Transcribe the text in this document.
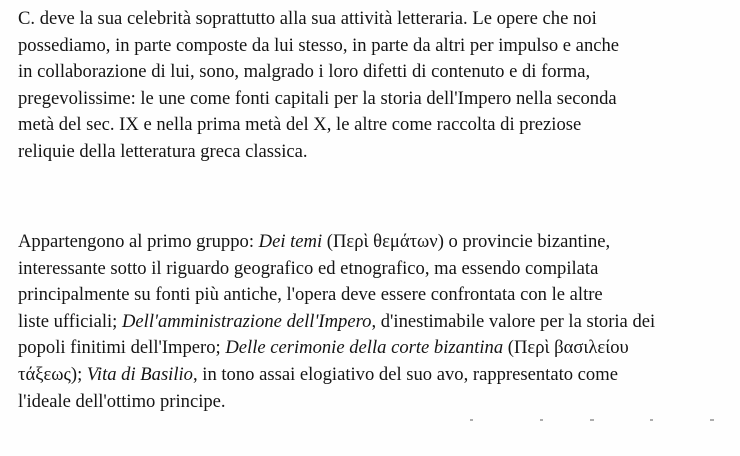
C. deve la sua celebrità soprattutto alla sua attività letteraria. Le opere che noi
possediamo, in parte composte da lui stesso, in parte da altri per impulso e anche
in collaborazione di lui, sono, malgrado i loro difetti di contenuto e di forma,
pregevolissime: le une come fonti capitali per la storia dell'Impero nella seconda
metà del sec. IX e nella prima metà del X, le altre come raccolta di preziose
reliquie della letteratura greca classica.

Appartengono al primo gruppo: Dei temi (Περὶ θεμάτων) o provincie bizantine,
interessante sotto il riguardo geografico ed etnografico, ma essendo compilata
principalmente su fonti più antiche, l'opera deve essere confrontata con le altre
liste ufficiali; Dell'amministrazione dell'Impero, d'inestimabile valore per la storia dei
popoli finitimi dell'Impero; Delle cerimonie della corte bizantina (Περὶ βασιλείου
τάξεως); Vita di Basilio, in tono assai elogiativo del suo avo, rappresentato come
l'ideale dell'ottimo principe.
